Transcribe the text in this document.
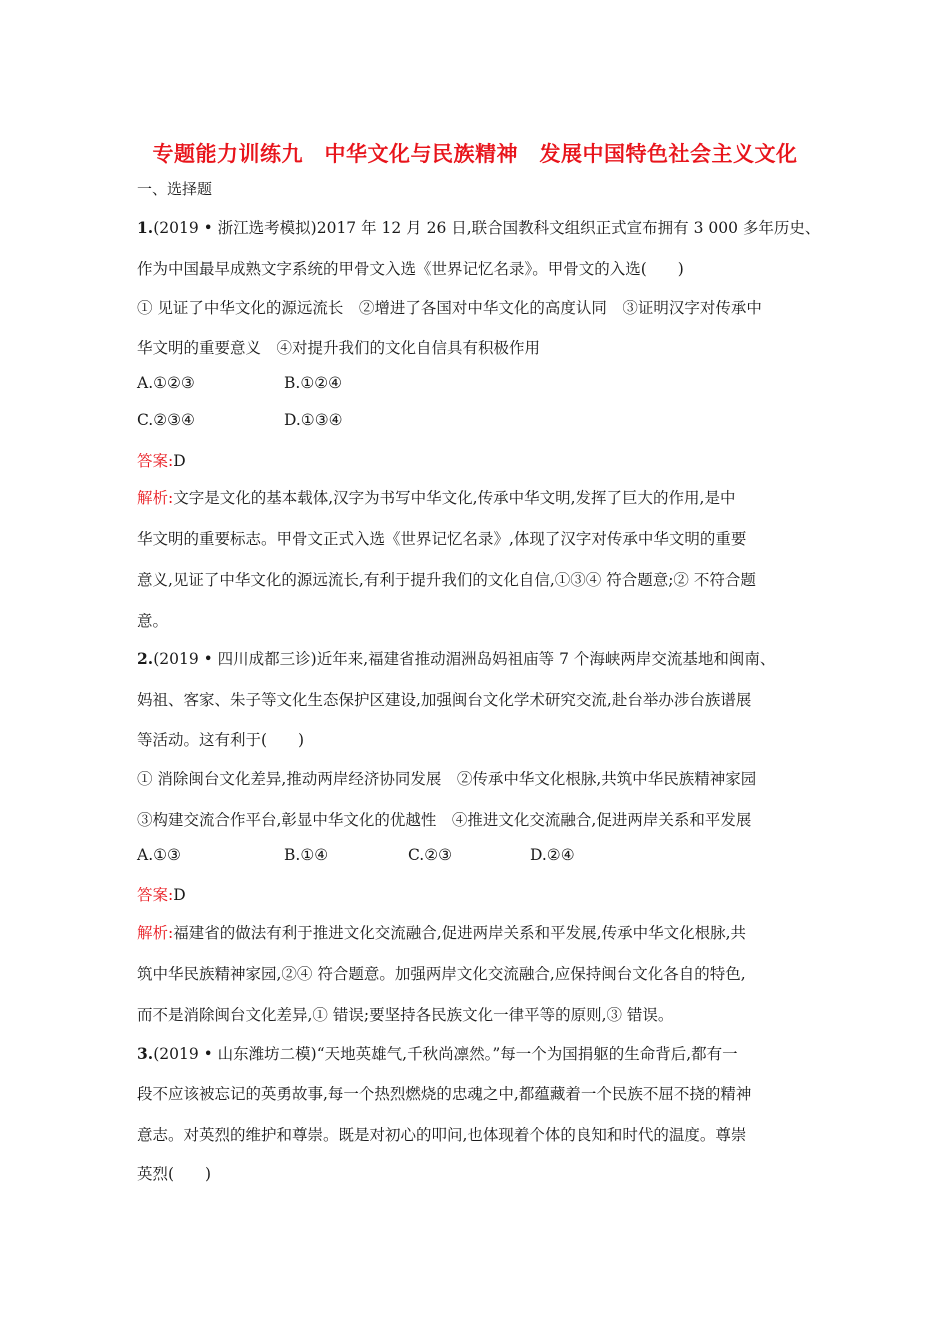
专题能力训练九　中华文化与民族精神　发展中国特色社会主义文化
一、选择题
1.(2019 • 浙江选考模拟)2017 年 12 月 26 日,联合国教科文组织正式宣布拥有 3 000 多年历史、
作为中国最早成熟文字系统的甲骨文入选《世界记忆名录》。甲骨文的入选(　　)
① 见证了中华文化的源远流长　②增进了各国对中华文化的高度认同　③证明汉字对传承中
华文明的重要意义　④对提升我们的文化自信具有积极作用
A.①②③	B.①②④
C.②③④	D.①③④
答案:D
解析:文字是文化的基本载体,汉字为书写中华文化,传承中华文明,发挥了巨大的作用,是中
华文明的重要标志。甲骨文正式入选《世界记忆名录》,体现了汉字对传承中华文明的重要
意义,见证了中华文化的源远流长,有利于提升我们的文化自信,①③④ 符合题意;② 不符合题
意。
2.(2019 • 四川成都三诊)近年来,福建省推动湄洲岛妈祖庙等 7 个海峡两岸交流基地和闽南、
妈祖、客家、朱子等文化生态保护区建设,加强闽台文化学术研究交流,赴台举办涉台族谱展
等活动。这有利于(　　)
① 消除闽台文化差异,推动两岸经济协同发展　②传承中华文化根脉,共筑中华民族精神家园
③构建交流合作平台,彰显中华文化的优越性　④推进文化交流融合,促进两岸关系和平发展
A.①③	B.①④	C.②③	D.②④
答案:D
解析:福建省的做法有利于推进文化交流融合,促进两岸关系和平发展,传承中华文化根脉,共
筑中华民族精神家园,②④ 符合题意。加强两岸文化交流融合,应保持闽台文化各自的特色,
而不是消除闽台文化差异,① 错误;要坚持各民族文化一律平等的原则,③ 错误。
3.(2019 • 山东潍坊二模)“天地英雄气,千秋尚凛然。”每一个为国捐躯的生命背后,都有一
段不应该被忘记的英勇故事,每一个热烈燃烧的忠魂之中,都蕴藏着一个民族不屈不挠的精神
意志。对英烈的维护和尊崇。既是对初心的叩问,也体现着个体的良知和时代的温度。尊崇
英烈(　　)
